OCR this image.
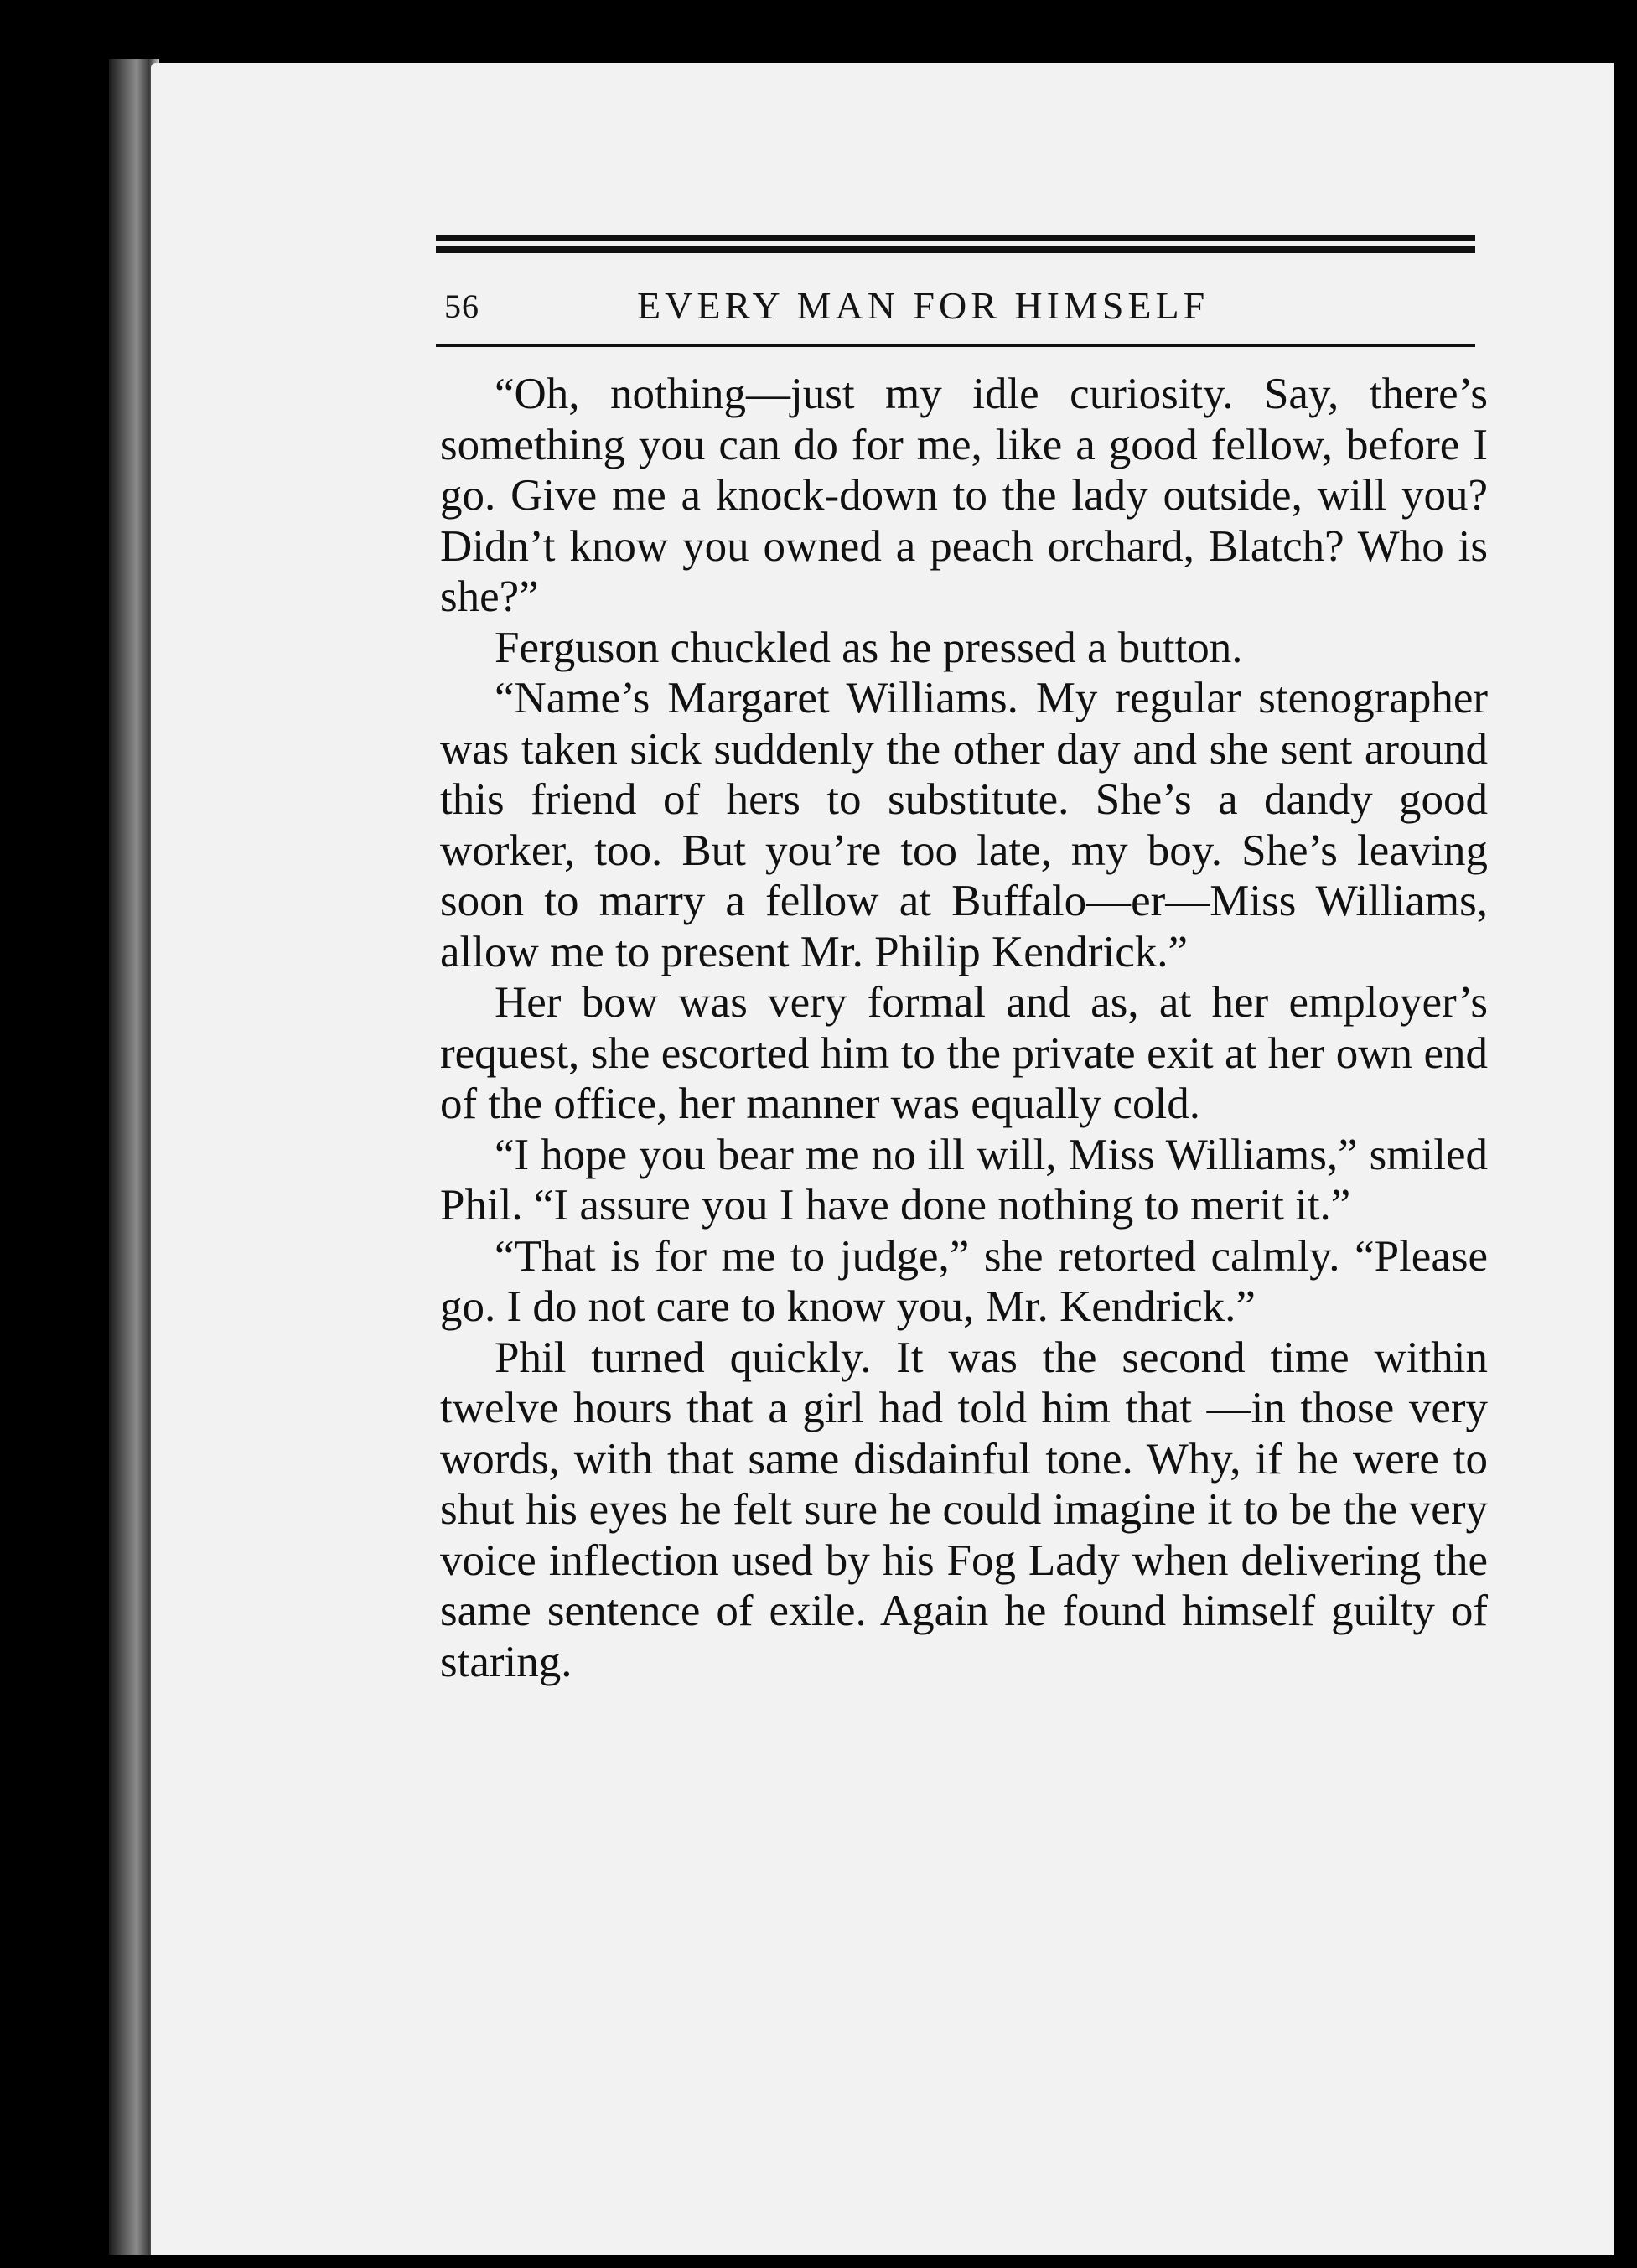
56	EVERY MAN FOR HIMSELF

“Oh, nothing—just my idle curiosity. Say, there’s something you can do for me, like a good fellow, before I go. Give me a knock-down to the lady outside, will you? Didn’t know you owned a peach orchard, Blatch? Who is she?”

Ferguson chuckled as he pressed a button.

“Name’s Margaret Williams. My regular stenographer was taken sick suddenly the other day and she sent around this friend of hers to substitute. She’s a dandy good worker, too. But you’re too late, my boy. She’s leaving soon to marry a fellow at Buffalo—er—Miss Williams, allow me to present Mr. Philip Kendrick.”

Her bow was very formal and as, at her employer’s request, she escorted him to the private exit at her own end of the office, her manner was equally cold.

“I hope you bear me no ill will, Miss Williams,” smiled Phil. “I assure you I have done nothing to merit it.”

“That is for me to judge,” she retorted calmly. “Please go. I do not care to know you, Mr. Kendrick.”

Phil turned quickly. It was the second time within twelve hours that a girl had told him that —in those very words, with that same disdainful tone. Why, if he were to shut his eyes he felt sure he could imagine it to be the very voice inflection used by his Fog Lady when delivering the same sentence of exile. Again he found himself guilty of staring.
